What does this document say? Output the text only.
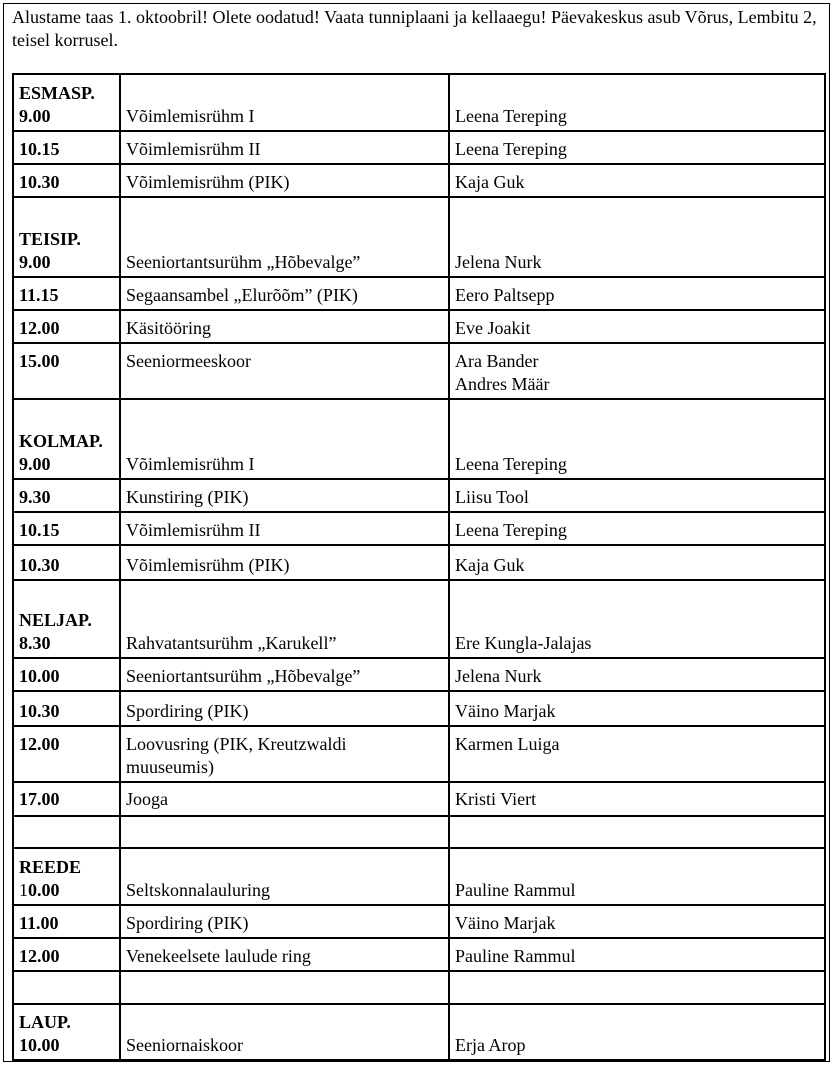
Alustame taas 1. oktoobril! Olete oodatud! Vaata tunniplaani ja kellaaegu! Päevakeskus asub Võrus, Lembitu 2, teisel korrusel.

ESMASP.
9.00	Võimlemisrühm I	Leena Tereping
10.15	Võimlemisrühm II	Leena Tereping
10.30	Võimlemisrühm (PIK)	Kaja Guk

TEISIP.
9.00	Seeniortantsurühm „Hõbevalge”	Jelena Nurk
11.15	Segaansambel „Elurõõm” (PIK)	Eero Paltsepp
12.00	Käsitööring	Eve Joakit
15.00	Seeniormeeskoor	Ara Bander
Andres Määr

KOLMAP.
9.00	Võimlemisrühm I	Leena Tereping
9.30	Kunstiring (PIK)	Liisu Tool
10.15	Võimlemisrühm II	Leena Tereping
10.30	Võimlemisrühm (PIK)	Kaja Guk

NELJAP.
8.30	Rahvatantsurühm „Karukell”	Ere Kungla-Jalajas
10.00	Seeniortantsurühm „Hõbevalge”	Jelena Nurk
10.30	Spordiring (PIK)	Väino Marjak
12.00	Loovusring (PIK, Kreutzwaldi
muuseumis)	Karmen Luiga
17.00	Jooga	Kristi Viert

REEDE
10.00	Seltskonnalauluring	Pauline Rammul
11.00	Spordiring (PIK)	Väino Marjak
12.00	Venekeelsete laulude ring	Pauline Rammul

LAUP.
10.00	Seeniornaiskoor	Erja Arop
